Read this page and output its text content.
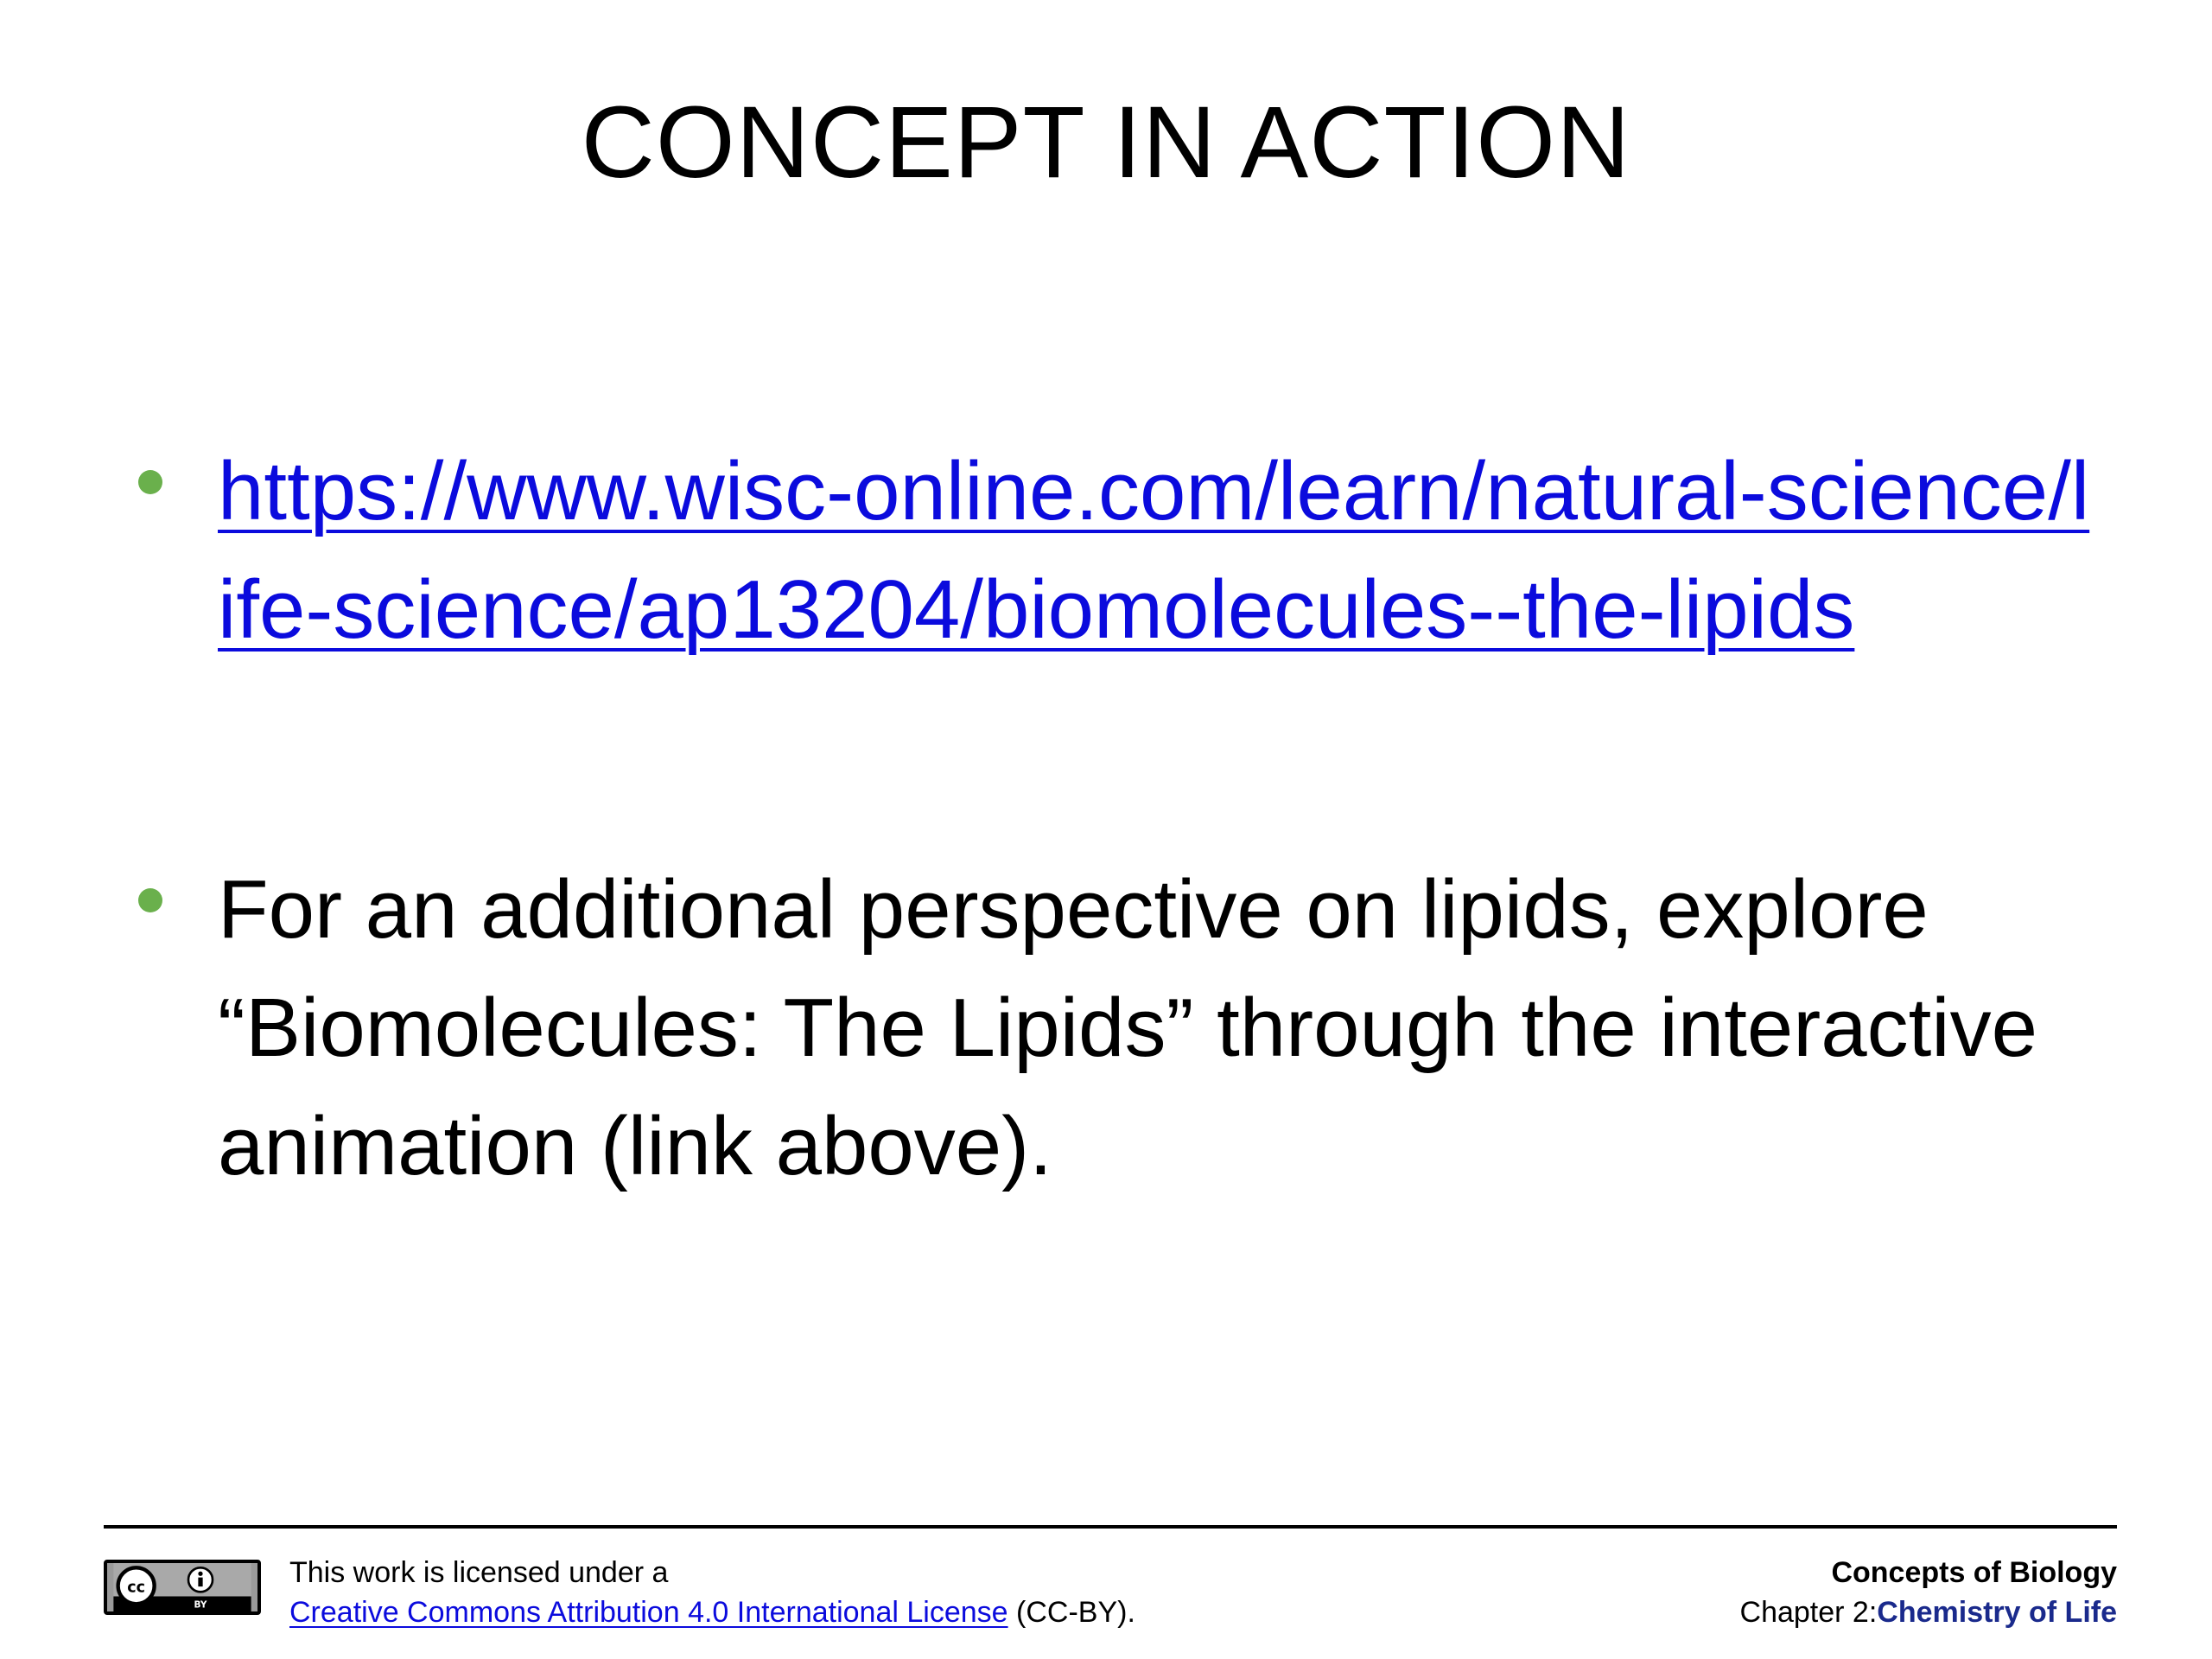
CONCEPT IN ACTION
https://www.wisc-online.com/learn/natural-science/life-science/ap13204/biomolecules--the-lipids
For an additional perspective on lipids, explore “Biomolecules: The Lipids” through the interactive animation (link above).
cc
BY
This work is licensed under a
Creative Commons Attribution 4.0 International License (CC-BY).
Concepts of Biology
Chapter 2:Chemistry of Life
